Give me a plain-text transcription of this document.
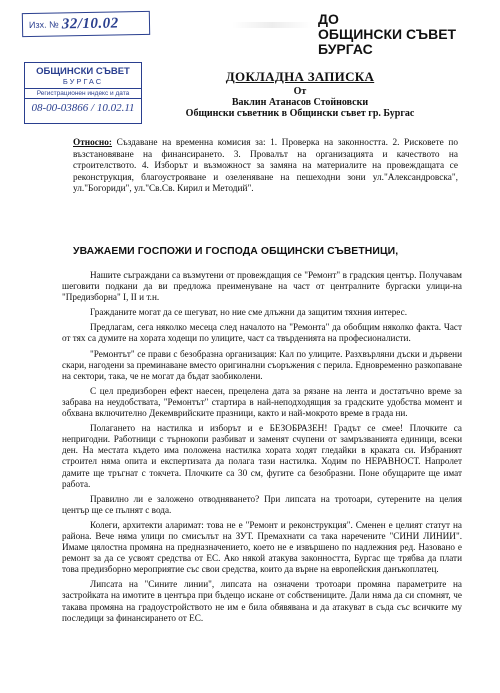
Изх. № 32/10.02
ОБЩИНСКИ СЪВЕТ
БУРГАС
Регистрационен индекс и дата
08-00-03866 / 10.02.11
ДО
ОБЩИНСКИ СЪВЕТ
БУРГАС
ДОКЛАДНА ЗАПИСКА
От
Ваклин Атанасов Стойновски
Общински съветник в Общински съвет гр. Бургас
Относно: Създаване на временна комисия за: 1. Проверка на законността. 2. Рисковете по възстановяване на финансирането. 3. Провалът на организацията и качеството на строителството. 4. Изборът и възможност за замяна на материалите на провеждащата се реконструкция, благоустрояване и озеленяване на пешеходни зони ул."Александровска", ул."Богориди", ул."Св.Св. Кирил и Методий".
УВАЖАЕМИ ГОСПОЖИ И ГОСПОДА ОБЩИНСКИ СЪВЕТНИЦИ,

Нашите съграждани са възмутени от провеждащия се "Ремонт" в градския център. Получавам шеговити подкани да ви предложа преименуване на част от централните бургаски улици-на "Предизборна" I, II и т.н.

Гражданите могат да се шегуват, но ние сме длъжни да защитим тяхния интерес.

Предлагам, сега няколко месеца след началото на "Ремонта" да обобщим няколко факта. Част от тях са думите на хората ходещи по улиците, част са твърденията на професионалисти.

"Ремонтът" се прави с безобразна организация: Кал по улиците. Разхвърляни дъски и дървени скари, нагодени за преминаване вместо оригинални съоръжения с перила. Едновременно разкопаване на сектори, така, че не могат да бъдат заобиколени.

С цел предизборен ефект наесен, прецелена дата за рязане на лента и достатъчно време за забрава на неудобствата, "Ремонтът" стартира в най-неподходящия за градските удобства момент и обхвана включително Декемврийските празници, както и най-мокрото време в града ни.

Полагането на настилка и изборът и е БЕЗОБРАЗЕН! Градът се смее! Плочките са непригодни. Работници с търнокопи разбиват и заменят счупени от замръзванията единици, всеки ден. На местата където има положена настилка хората ходят гледайки в краката си. Избраният строител няма опита и експертизата да полага тази настилка. Ходим по НЕРАВНОСТ. Напролет дамите ще тръгнат с токчета. Плочките са 30 см, фугите са безобразни. Поне обущарите ще имат работа.

Правилно ли е заложено отводняването? При липсата на тротоари, сутерените на целия център ще се пълнят с вода.

Колеги, архитекти аларимат: това не е "Ремонт и реконструкция". Сменен е целият статут на района. Вече няма улици по смисълът на ЗУТ. Премахнати са така наречените "СИНИ ЛИНИИ". Имаме цялостна промяна на предназначението, което не е извършено по надлежния ред. Назовано е ремонт за да се усвоят средства от ЕС. Ако някой атакува законността, Бургас ще трябва да плати това предизборно мероприятие със свои средства, които да върне на европейския данъкоплатец.

Липсата на "Сините линии", липсата на означени тротоари промяна параметрите на застройката на имотите в центъра при бъдещо искане от собствениците. Дали няма да си спомнят, че такава промяна на градоустройството не им е била обявявана и да атакуват в съда със всичките му последици за финансирането от ЕС.
